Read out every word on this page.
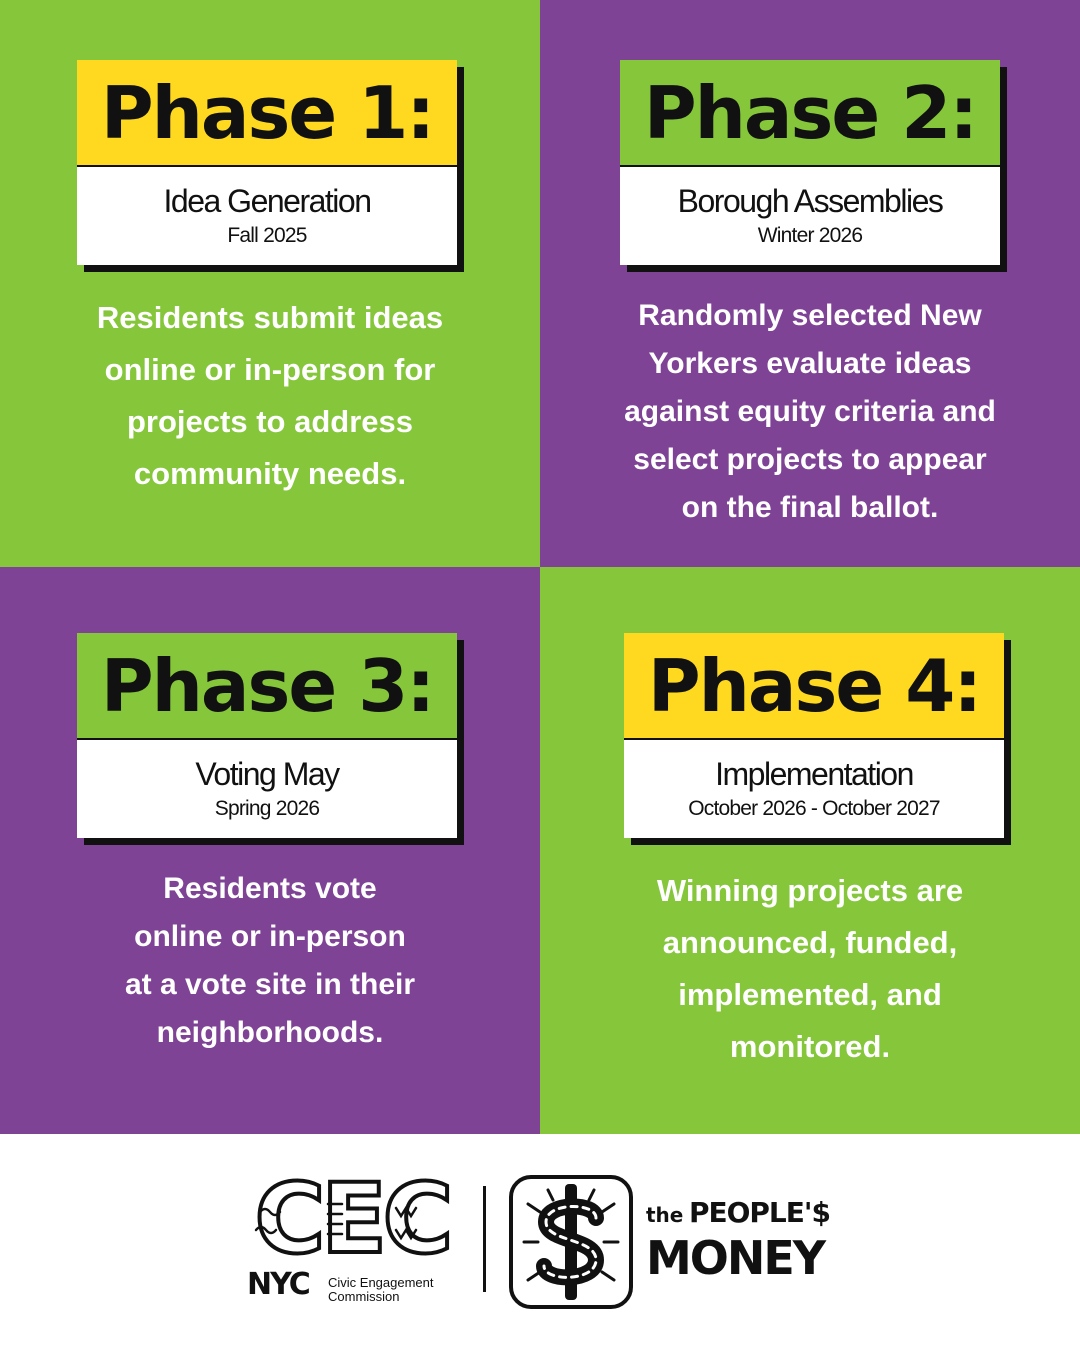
Phase 1:
Idea Generation
Fall 2025
Residents submit ideas
online or in-person for
projects to address
community needs.
Phase 2:
Borough Assemblies
Winter 2026
Randomly selected New
Yorkers evaluate ideas
against equity criteria and
select projects to appear
on the final ballot.
Phase 3:
Voting May
Spring 2026
Residents vote
online or in-person
at a vote site in their
neighborhoods.
Phase 4:
Implementation
October 2026 - October 2027
Winning projects are
announced, funded,
implemented, and
monitored.
CEC
NYC Civic Engagement
Commission
the PEOPLE'$
MONEY
